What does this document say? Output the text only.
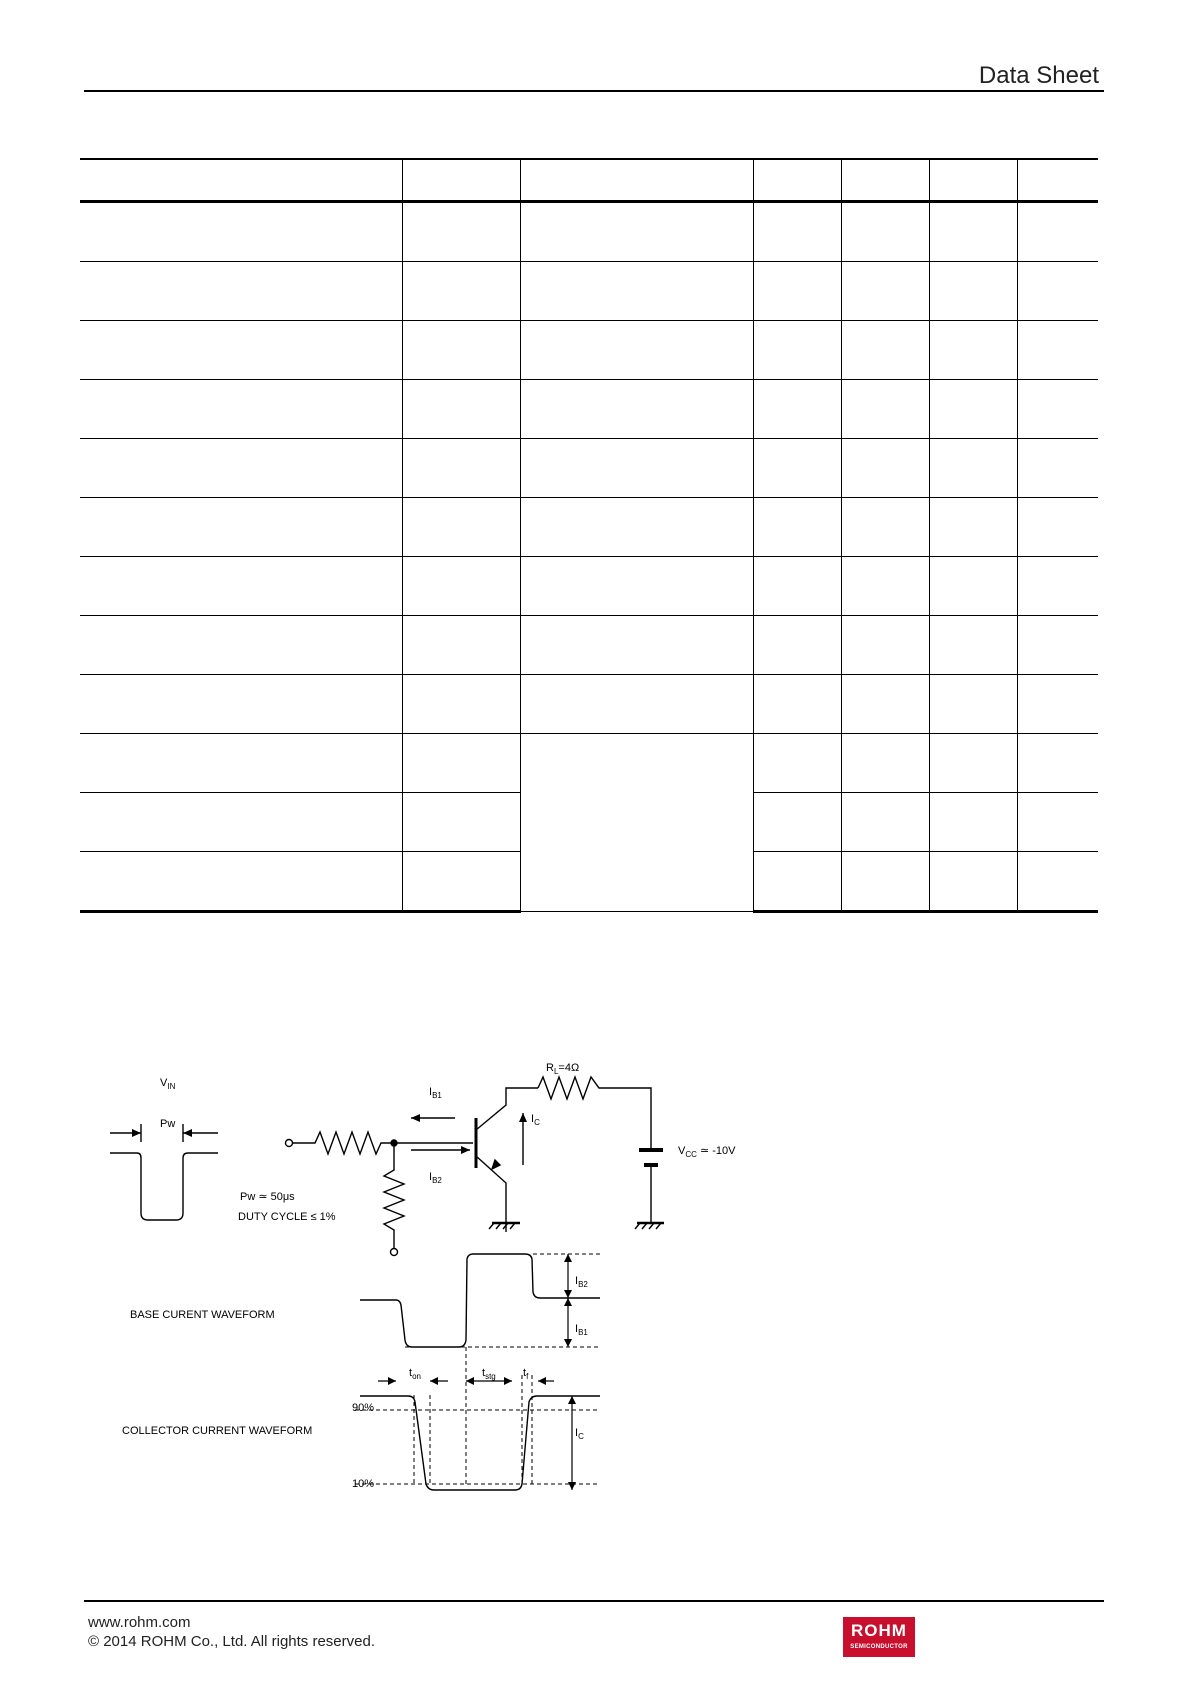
Data Sheet

$V_{IN}$
Pw
Pw ≃ 50μs
DUTY CYCLE ≤ 1%
$R_L=4\Omega$
$I_{B1}$
$I_{B2}$
$I_C$
$V_{CC}$ ≃ -10V
BASE CURENT WAVEFORM
COLLECTOR CURRENT WAVEFORM
$I_{B2}$
$I_{B1}$
$I_C$
$t_{on}$	$t_{stg}$ $t_f$
90%
10%
www.rohm.com
© 2014 ROHM Co., Ltd. All rights reserved.
ROHM
SEMICONDUCTOR
